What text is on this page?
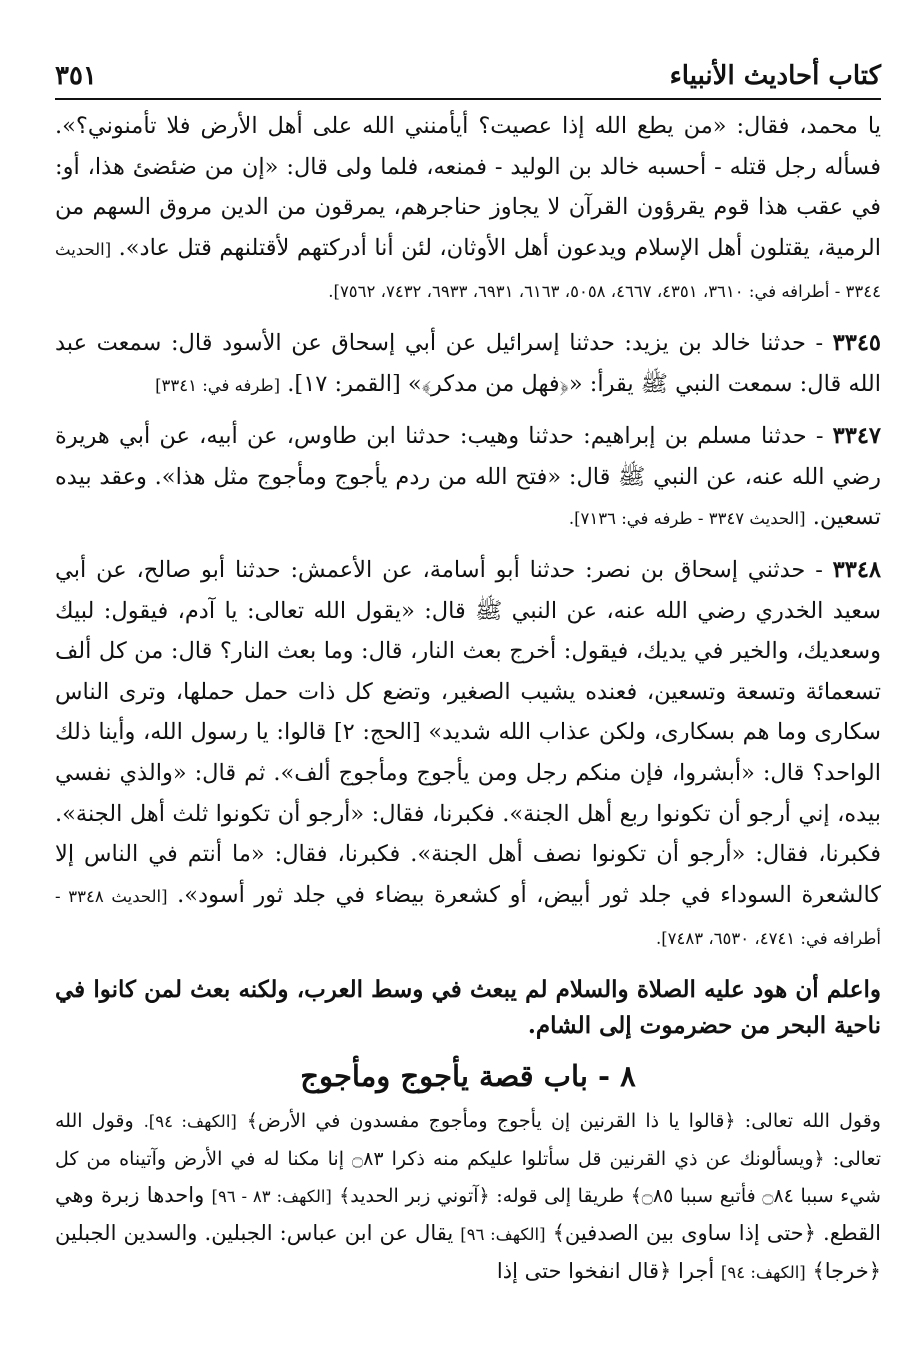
كتاب أحاديث الأنبياء
٣٥١

يا محمد، فقال: «من يطع الله إذا عصيت؟ أيأمنني الله على أهل الأرض فلا تأمنوني؟». فسأله رجل قتله - أحسبه خالد بن الوليد - فمنعه، فلما ولى قال: «إن من ضئضئ هذا، أو: في عقب هذا قوم يقرؤون القرآن لا يجاوز حناجرهم، يمرقون من الدين مروق السهم من الرمية، يقتلون أهل الإسلام ويدعون أهل الأوثان، لئن أنا أدركتهم لأقتلنهم قتل عاد». [الحديث ٣٣٤٤ - أطرافه في: ٣٦١٠، ٤٣٥١، ٤٦٦٧، ٥٠٥٨، ٦١٦٣، ٦٩٣١، ٦٩٣٣، ٧٤٣٢، ٧٥٦٢].

٣٣٤٥ - حدثنا خالد بن يزيد: حدثنا إسرائيل عن أبي إسحاق عن الأسود قال: سمعت عبد الله قال: سمعت النبي ﷺ يقرأ: «﴿فهل من مدكر﴾» [القمر: ١٧]. [طرفه في: ٣٣٤١]

٣٣٤٧ - حدثنا مسلم بن إبراهيم: حدثنا وهيب: حدثنا ابن طاوس، عن أبيه، عن أبي هريرة رضي الله عنه، عن النبي ﷺ قال: «فتح الله من ردم يأجوج ومأجوج مثل هذا». وعقد بيده تسعين. [الحديث ٣٣٤٧ - طرفه في: ٧١٣٦].

٣٣٤٨ - حدثني إسحاق بن نصر: حدثنا أبو أسامة، عن الأعمش: حدثنا أبو صالح، عن أبي سعيد الخدري رضي الله عنه، عن النبي ﷺ قال: «يقول الله تعالى: يا آدم، فيقول: لبيك وسعديك، والخير في يديك، فيقول: أخرج بعث النار، قال: وما بعث النار؟ قال: من كل ألف تسعمائة وتسعة وتسعين، فعنده يشيب الصغير، وتضع كل ذات حمل حملها، وترى الناس سكارى وما هم بسكارى، ولكن عذاب الله شديد» [الحج: ٢] قالوا: يا رسول الله، وأينا ذلك الواحد؟ قال: «أبشروا، فإن منكم رجل ومن يأجوج ومأجوج ألف». ثم قال: «والذي نفسي بيده، إني أرجو أن تكونوا ربع أهل الجنة». فكبرنا، فقال: «أرجو أن تكونوا ثلث أهل الجنة». فكبرنا، فقال: «أرجو أن تكونوا نصف أهل الجنة». فكبرنا، فقال: «ما أنتم في الناس إلا كالشعرة السوداء في جلد ثور أبيض، أو كشعرة بيضاء في جلد ثور أسود». [الحديث ٣٣٤٨ - أطرافه في: ٤٧٤١، ٦٥٣٠، ٧٤٨٣].

واعلم أن هود عليه الصلاة والسلام لم يبعث في وسط العرب، ولكنه بعث لمن كانوا في ناحية البحر من حضرموت إلى الشام.

٨ - باب قصة يأجوج ومأجوج

وقول الله تعالى: ﴿قالوا يا ذا القرنين إن يأجوج ومأجوج مفسدون في الأرض﴾ [الكهف: ٩٤]. وقول الله تعالى: ﴿ويسألونك عن ذي القرنين قل سأتلوا عليكم منه ذكرا ۝٨٣ إنا مكنا له في الأرض وآتيناه من كل شيء سببا ۝٨٤ فأتبع سببا ۝٨٥﴾ طريقا إلى قوله: ﴿آتوني زبر الحديد﴾ [الكهف: ٨٣ - ٩٦] واحدها زبرة وهي القطع. ﴿حتى إذا ساوى بين الصدفين﴾ [الكهف: ٩٦] يقال عن ابن عباس: الجبلين. والسدين الجبلين ﴿خرجا﴾ [الكهف: ٩٤] أجرا ﴿قال انفخوا حتى إذا
